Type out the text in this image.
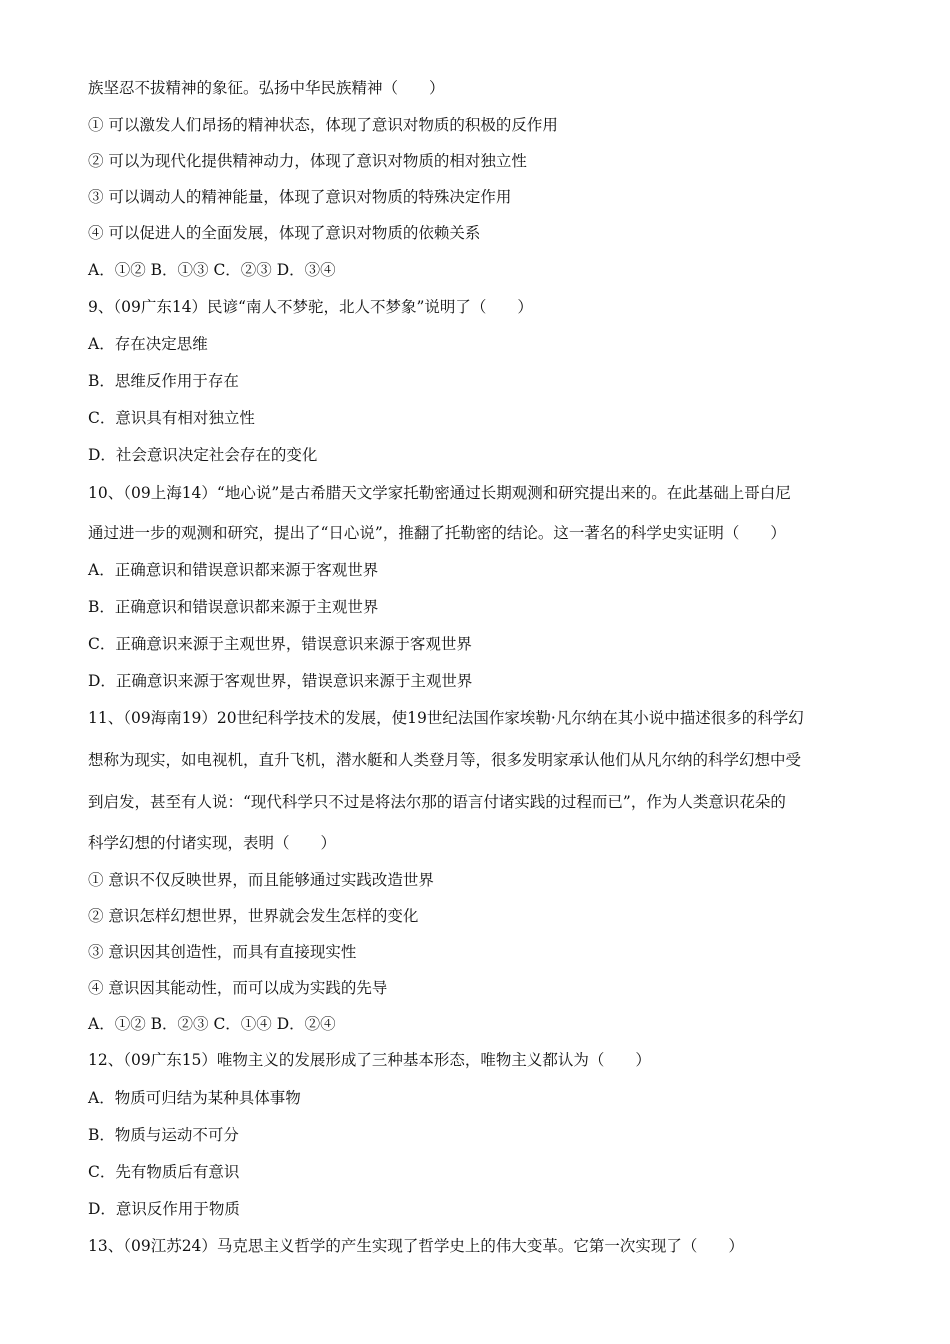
族坚忍不拔精神的象征。弘扬中华民族精神（　　）
① 可以激发人们昂扬的精神状态，体现了意识对物质的积极的反作用
② 可以为现代化提供精神动力，体现了意识对物质的相对独立性
③ 可以调动人的精神能量，体现了意识对物质的特殊决定作用
④ 可以促进人的全面发展，体现了意识对物质的依赖关系
A．①② B．①③ C．②③ D．③④
9、（09广东14）民谚“南人不梦驼，北人不梦象”说明了（　　）
A．存在决定思维
B．思维反作用于存在
C．意识具有相对独立性
D．社会意识决定社会存在的变化
10、（09上海14）“地心说”是古希腊天文学家托勒密通过长期观测和研究提出来的。在此基础上哥白尼
通过进一步的观测和研究，提出了“日心说”，推翻了托勒密的结论。这一著名的科学史实证明（　　）
A．正确意识和错误意识都来源于客观世界
B．正确意识和错误意识都来源于主观世界
C．正确意识来源于主观世界，错误意识来源于客观世界
D．正确意识来源于客观世界，错误意识来源于主观世界
11、（09海南19）20世纪科学技术的发展，使19世纪法国作家埃勒·凡尔纳在其小说中描述很多的科学幻
想称为现实，如电视机，直升飞机，潜水艇和人类登月等，很多发明家承认他们从凡尔纳的科学幻想中受
到启发，甚至有人说：“现代科学只不过是将法尔那的语言付诸实践的过程而已”，作为人类意识花朵的
科学幻想的付诸实现，表明（　　）
① 意识不仅反映世界，而且能够通过实践改造世界
② 意识怎样幻想世界，世界就会发生怎样的变化
③ 意识因其创造性，而具有直接现实性
④ 意识因其能动性，而可以成为实践的先导
A．①② B．②③ C．①④ D．②④
12、（09广东15）唯物主义的发展形成了三种基本形态，唯物主义都认为（　　）
A．物质可归结为某种具体事物
B．物质与运动不可分
C．先有物质后有意识
D．意识反作用于物质
13、（09江苏24）马克思主义哲学的产生实现了哲学史上的伟大变革。它第一次实现了（　　）
